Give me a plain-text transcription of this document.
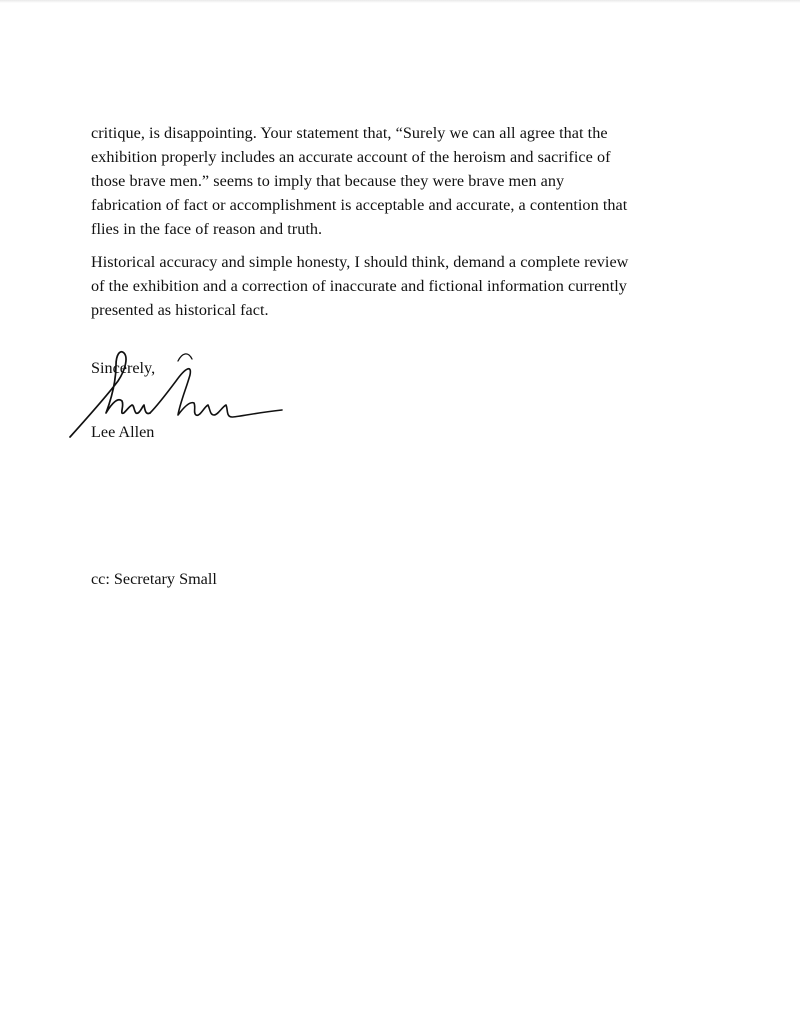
critique, is disappointing. Your statement that, “Surely we can all agree that the
exhibition properly includes an accurate account of the heroism and sacrifice of
those brave men.” seems to imply that because they were brave men any
fabrication of fact or accomplishment is acceptable and accurate, a contention that
flies in the face of reason and truth.

Historical accuracy and simple honesty, I should think, demand a complete review
of the exhibition and a correction of inaccurate and fictional information currently
presented as historical fact.

Sincerely,

Lee Allen

cc: Secretary Small
